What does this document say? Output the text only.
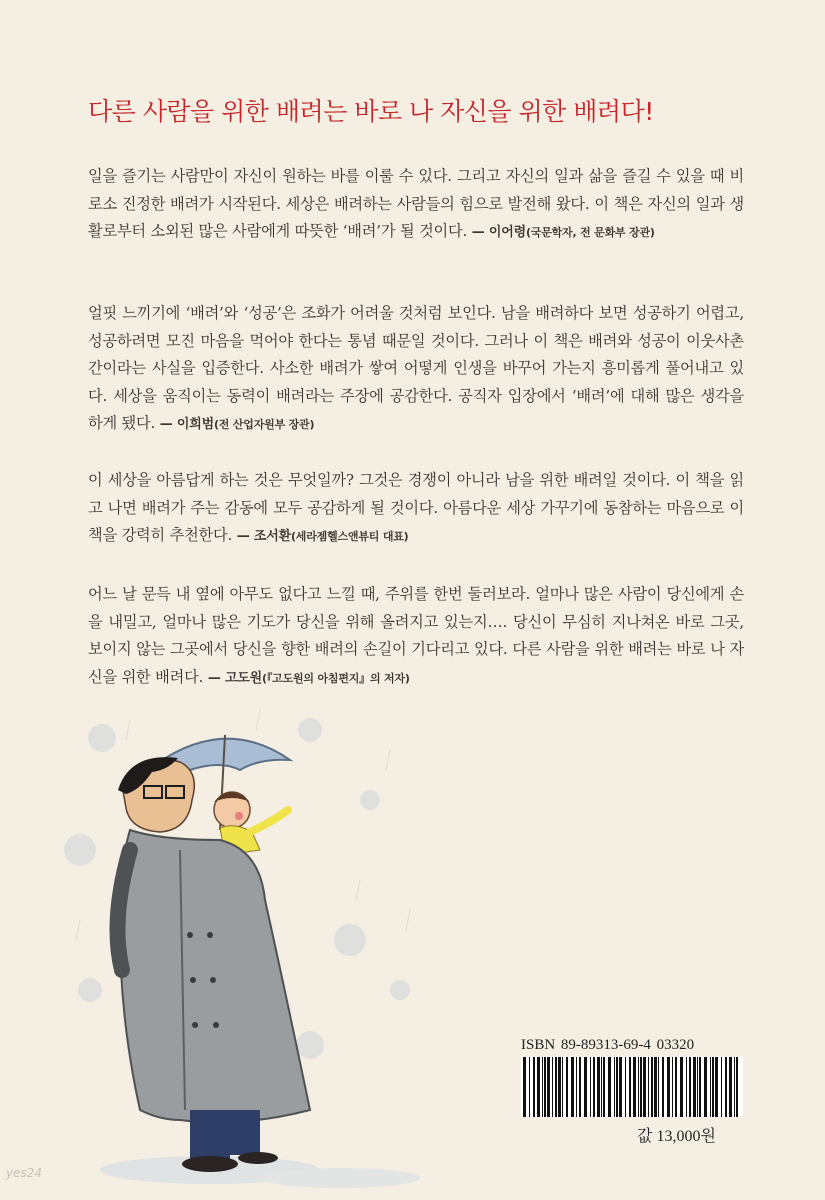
다른 사람을 위한 배려는 바로 나 자신을 위한 배려다!
일을 즐기는 사람만이 자신이 원하는 바를 이룰 수 있다. 그리고 자신의 일과 삶을 즐길 수 있을 때 비로소 진정한 배려가 시작된다. 세상은 배려하는 사람들의 힘으로 발전해 왔다. 이 책은 자신의 일과 생활로부터 소외된 많은 사람에게 따뜻한 ‘배려’가 될 것이다. — 이어령(국문학자, 전 문화부 장관)
얼핏 느끼기에 ‘배려’와 ‘성공’은 조화가 어려울 것처럼 보인다. 남을 배려하다 보면 성공하기 어렵고, 성공하려면 모진 마음을 먹어야 한다는 통념 때문일 것이다. 그러나 이 책은 배려와 성공이 이웃사촌간이라는 사실을 입증한다. 사소한 배려가 쌓여 어떻게 인생을 바꾸어 가는지 흥미롭게 풀어내고 있다. 세상을 움직이는 동력이 배려라는 주장에 공감한다. 공직자 입장에서 ‘배려’에 대해 많은 생각을 하게 됐다. — 이희범(전 산업자원부 장관)
이 세상을 아름답게 하는 것은 무엇일까? 그것은 경쟁이 아니라 남을 위한 배려일 것이다. 이 책을 읽고 나면 배려가 주는 감동에 모두 공감하게 될 것이다. 아름다운 세상 가꾸기에 동참하는 마음으로 이 책을 강력히 추천한다. — 조서환(세라젬헬스앤뷰티 대표)
어느 날 문득 내 옆에 아무도 없다고 느낄 때, 주위를 한번 둘러보라. 얼마나 많은 사람이 당신에게 손을 내밀고, 얼마나 많은 기도가 당신을 위해 올려지고 있는지…. 당신이 무심히 지나쳐온 바로 그곳, 보이지 않는 그곳에서 당신을 향한 배려의 손길이 기다리고 있다. 다른 사람을 위한 배려는 바로 나 자신을 위한 배려다. — 고도원(『고도원의 아침편지』의 저자)
ISBN 89-89313-69-4 03320
값 13,000원
yes24
